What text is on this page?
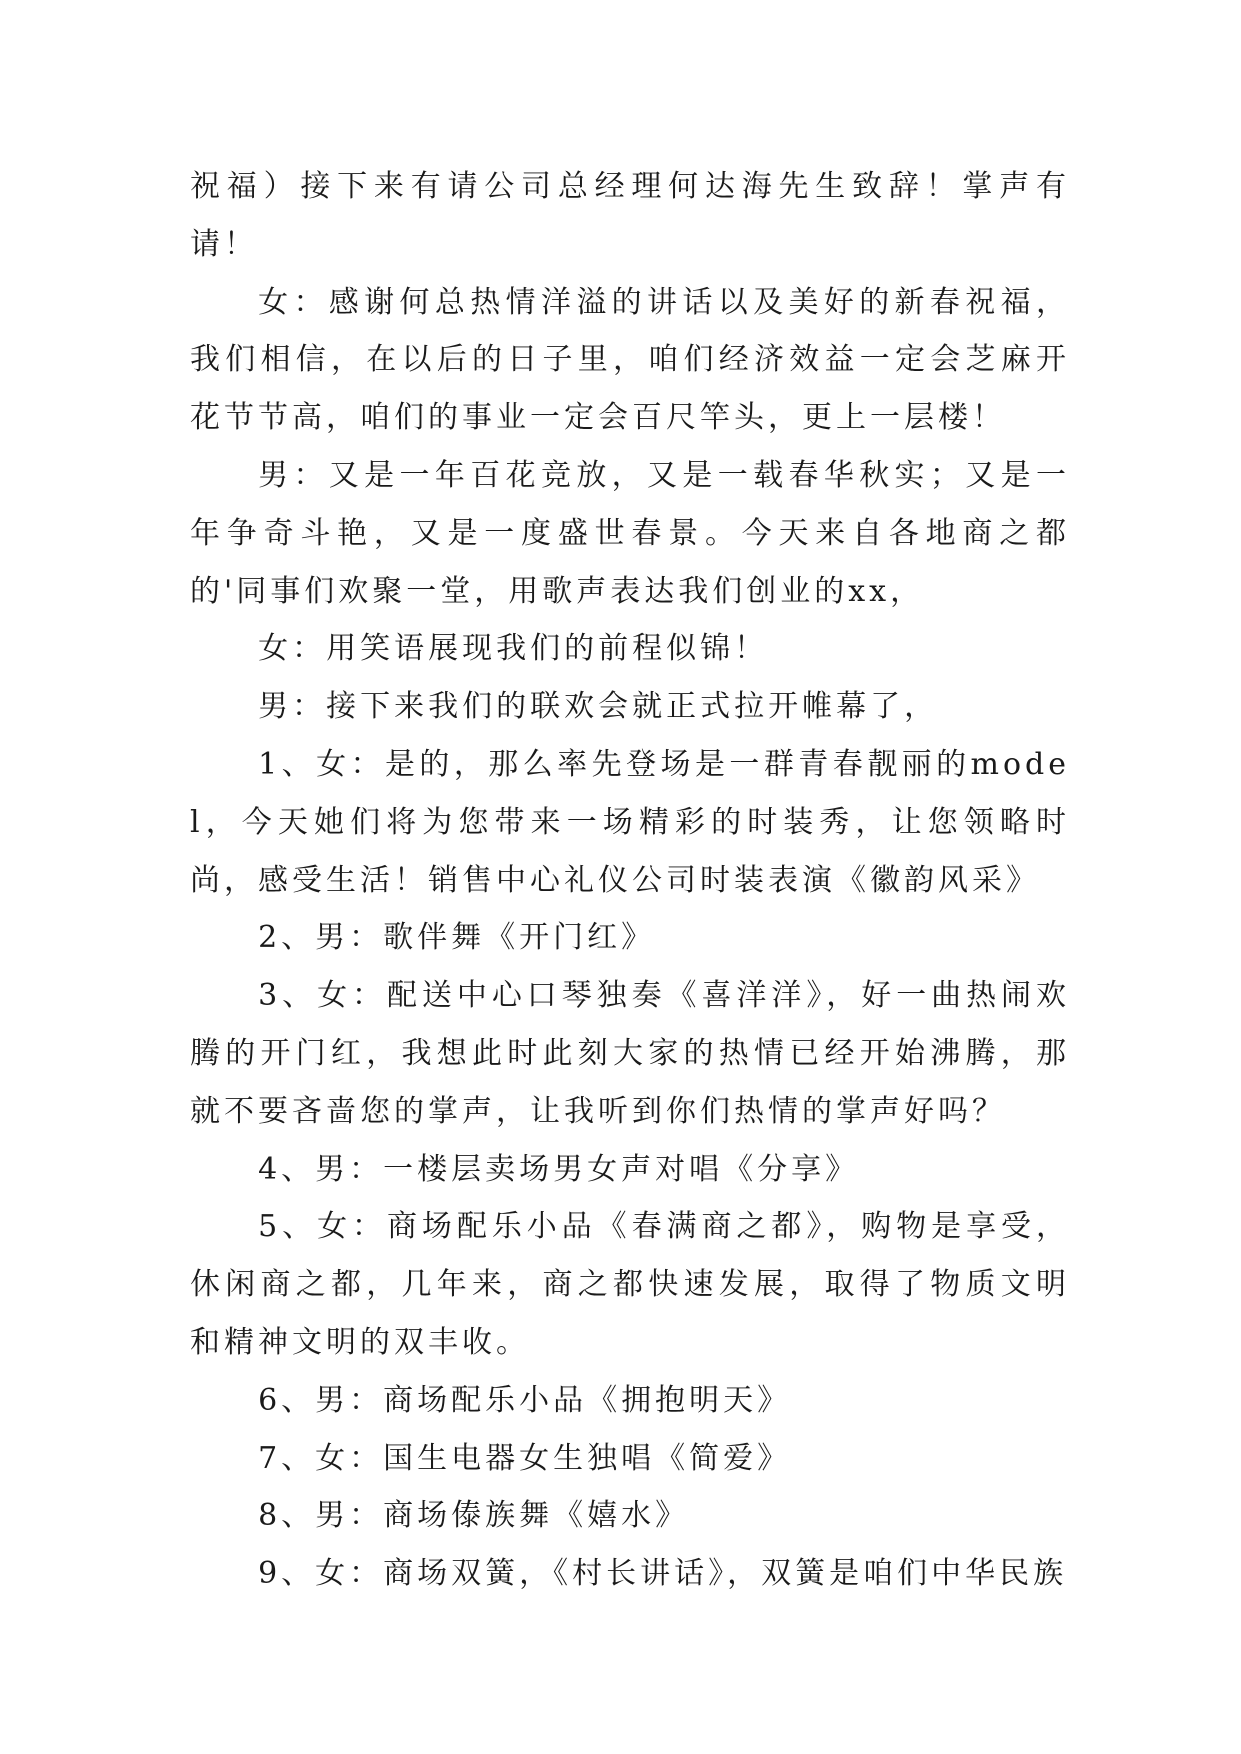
祝福）接下来有请公司总经理何达海先生致辞！掌声有请！

女：感谢何总热情洋溢的讲话以及美好的新春祝福，我们相信，在以后的日子里，咱们经济效益一定会芝麻开花节节高，咱们的事业一定会百尺竿头，更上一层楼！

男：又是一年百花竞放，又是一载春华秋实；又是一年争奇斗艳，又是一度盛世春景。今天来自各地商之都的'同事们欢聚一堂，用歌声表达我们创业的xx，

女：用笑语展现我们的前程似锦！

男：接下来我们的联欢会就正式拉开帷幕了，

1、女：是的，那么率先登场是一群青春靓丽的model，今天她们将为您带来一场精彩的时装秀，让您领略时尚，感受生活！销售中心礼仪公司时装表演《徽韵风采》

2、男：歌伴舞《开门红》

3、女：配送中心口琴独奏《喜洋洋》，好一曲热闹欢腾的开门红，我想此时此刻大家的热情已经开始沸腾，那就不要吝啬您的掌声，让我听到你们热情的掌声好吗？

4、男：一楼层卖场男女声对唱《分享》

5、女：商场配乐小品《春满商之都》，购物是享受，休闲商之都，几年来，商之都快速发展，取得了物质文明和精神文明的双丰收。

6、男：商场配乐小品《拥抱明天》

7、女：国生电器女生独唱《简爱》

8、男：商场傣族舞《嬉水》

9、女：商场双簧，《村长讲话》，双簧是咱们中华民族
